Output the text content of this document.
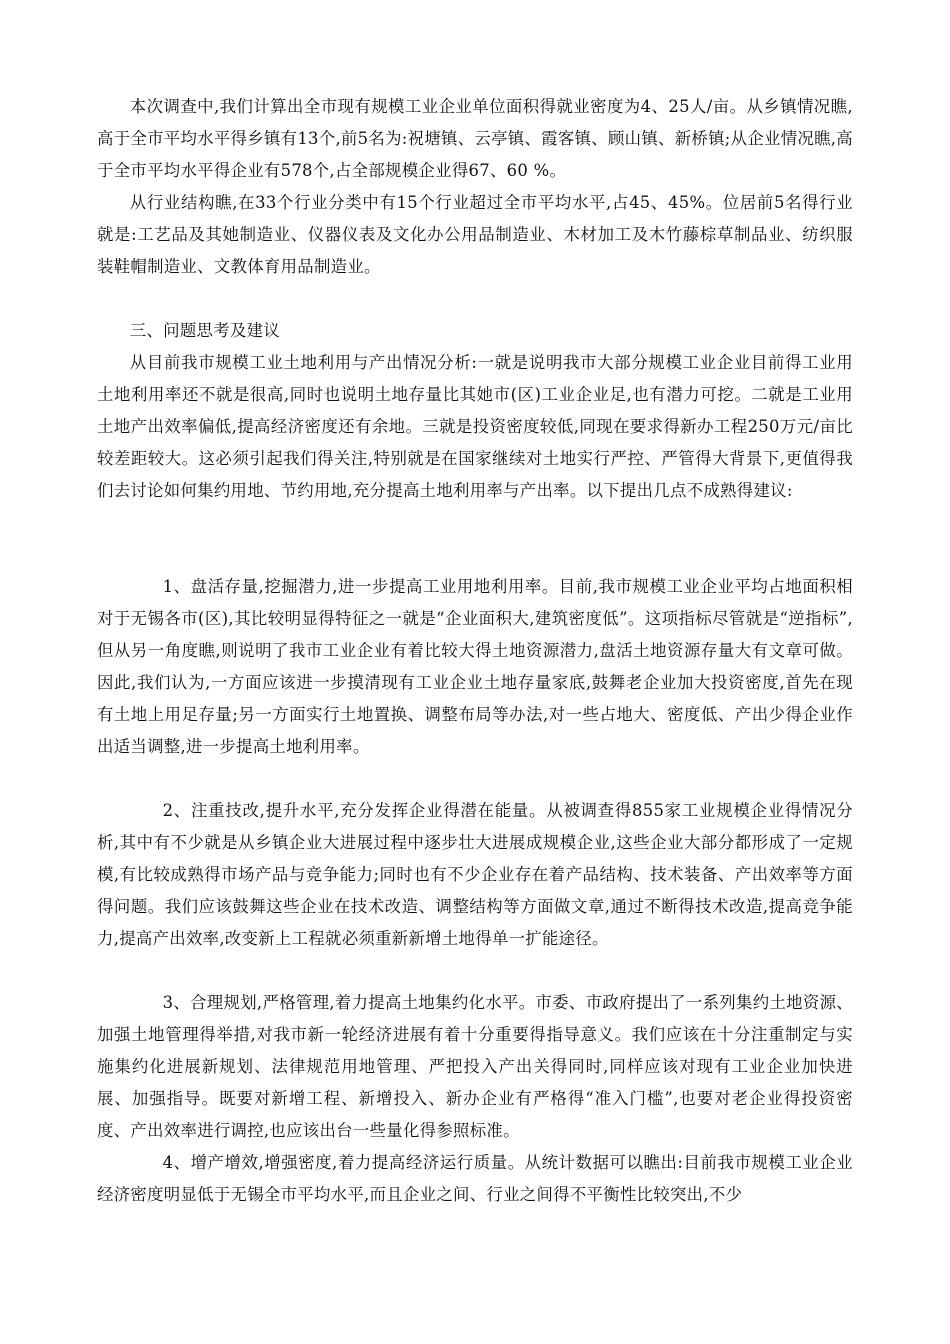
本次调查中,我们计算出全市现有规模工业企业单位面积得就业密度为4、25人/亩。从乡镇情况瞧,高于全市平均水平得乡镇有13个,前5名为:祝塘镇、云亭镇、霞客镇、顾山镇、新桥镇;从企业情况瞧,高于全市平均水平得企业有578个,占全部规模企业得67、60 %。

从行业结构瞧,在33个行业分类中有15个行业超过全市平均水平,占45、45%。位居前5名得行业就是:工艺品及其她制造业、仪器仪表及文化办公用品制造业、木材加工及木竹藤棕草制品业、纺织服装鞋帽制造业、文教体育用品制造业。

三、问题思考及建议

从目前我市规模工业土地利用与产出情况分析:一就是说明我市大部分规模工业企业目前得工业用土地利用率还不就是很高,同时也说明土地存量比其她市(区)工业企业足,也有潜力可挖。二就是工业用土地产出效率偏低,提高经济密度还有余地。三就是投资密度较低,同现在要求得新办工程250万元/亩比较差距较大。这必须引起我们得关注,特别就是在国家继续对土地实行严控、严管得大背景下,更值得我们去讨论如何集约用地、节约用地,充分提高土地利用率与产出率。以下提出几点不成熟得建议:

1、盘活存量,挖掘潜力,进一步提高工业用地利用率。目前,我市规模工业企业平均占地面积相对于无锡各市(区),其比较明显得特征之一就是“企业面积大,建筑密度低”。这项指标尽管就是“逆指标”,但从另一角度瞧,则说明了我市工业企业有着比较大得土地资源潜力,盘活土地资源存量大有文章可做。因此,我们认为,一方面应该进一步摸清现有工业企业土地存量家底,鼓舞老企业加大投资密度,首先在现有土地上用足存量;另一方面实行土地置换、调整布局等办法,对一些占地大、密度低、产出少得企业作出适当调整,进一步提高土地利用率。

2、注重技改,提升水平,充分发挥企业得潜在能量。从被调查得855家工业规模企业得情况分析,其中有不少就是从乡镇企业大进展过程中逐步壮大进展成规模企业,这些企业大部分都形成了一定规模,有比较成熟得市场产品与竞争能力;同时也有不少企业存在着产品结构、技术装备、产出效率等方面得问题。我们应该鼓舞这些企业在技术改造、调整结构等方面做文章,通过不断得技术改造,提高竞争能力,提高产出效率,改变新上工程就必须重新新增土地得单一扩能途径。

3、合理规划,严格管理,着力提高土地集约化水平。市委、市政府提出了一系列集约土地资源、加强土地管理得举措,对我市新一轮经济进展有着十分重要得指导意义。我们应该在十分注重制定与实施集约化进展新规划、法律规范用地管理、严把投入产出关得同时,同样应该对现有工业企业加快进展、加强指导。既要对新增工程、新增投入、新办企业有严格得“准入门槛”,也要对老企业得投资密度、产出效率进行调控,也应该出台一些量化得参照标准。

4、增产增效,增强密度,着力提高经济运行质量。从统计数据可以瞧出:目前我市规模工业企业经济密度明显低于无锡全市平均水平,而且企业之间、行业之间得不平衡性比较突出,不少
